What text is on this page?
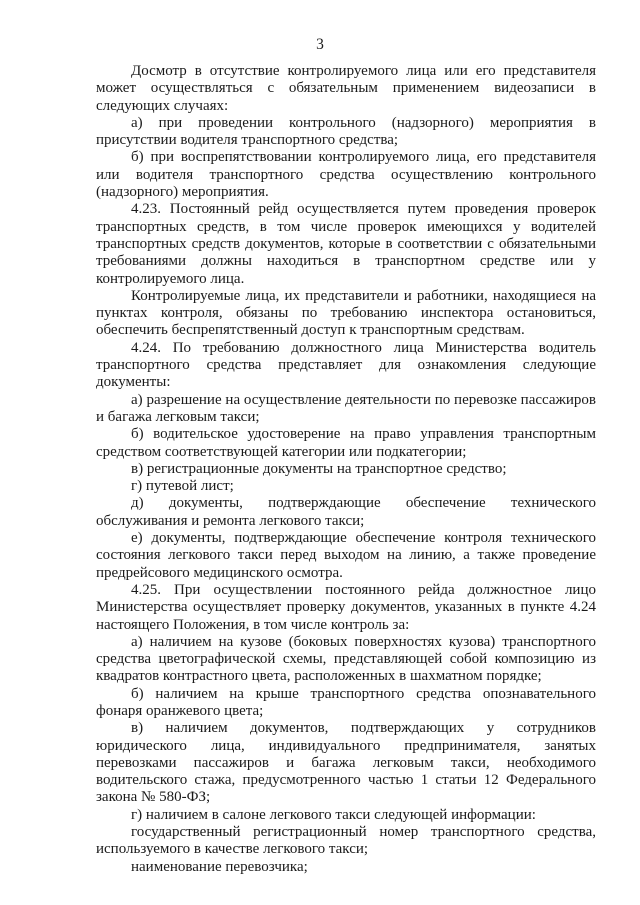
3

Досмотр в отсутствие контролируемого лица или его представителя может осуществляться с обязательным применением видеозаписи в следующих случаях:

а) при проведении контрольного (надзорного) мероприятия в присутствии водителя транспортного средства;

б) при воспрепятствовании контролируемого лица, его представителя или водителя транспортного средства осуществлению контрольного (надзорного) мероприятия.

4.23. Постоянный рейд осуществляется путем проведения проверок транспортных средств, в том числе проверок имеющихся у водителей транспортных средств документов, которые в соответствии с обязательными требованиями должны находиться в транспортном средстве или у контролируемого лица.

Контролируемые лица, их представители и работники, находящиеся на пунктах контроля, обязаны по требованию инспектора остановиться, обеспечить беспрепятственный доступ к транспортным средствам.

4.24. По требованию должностного лица Министерства водитель транспортного средства представляет для ознакомления следующие документы:

а) разрешение на осуществление деятельности по перевозке пассажиров и багажа легковым такси;

б) водительское удостоверение на право управления транспортным средством соответствующей категории или подкатегории;

в) регистрационные документы на транспортное средство;

г) путевой лист;

д) документы, подтверждающие обеспечение технического обслуживания и ремонта легкового такси;

е) документы, подтверждающие обеспечение контроля технического состояния легкового такси перед выходом на линию, а также проведение предрейсового медицинского осмотра.

4.25. При осуществлении постоянного рейда должностное лицо Министерства осуществляет проверку документов, указанных в пункте 4.24 настоящего Положения, в том числе контроль за:

а) наличием на кузове (боковых поверхностях кузова) транспортного средства цветографической схемы, представляющей собой композицию из квадратов контрастного цвета, расположенных в шахматном порядке;

б) наличием на крыше транспортного средства опознавательного фонаря оранжевого цвета;

в) наличием документов, подтверждающих у сотрудников юридического лица, индивидуального предпринимателя, занятых перевозками пассажиров и багажа легковым такси, необходимого водительского стажа, предусмотренного частью 1 статьи 12 Федерального закона № 580-ФЗ;

г) наличием в салоне легкового такси следующей информации:

государственный регистрационный номер транспортного средства, используемого в качестве легкового такси;

наименование перевозчика;
